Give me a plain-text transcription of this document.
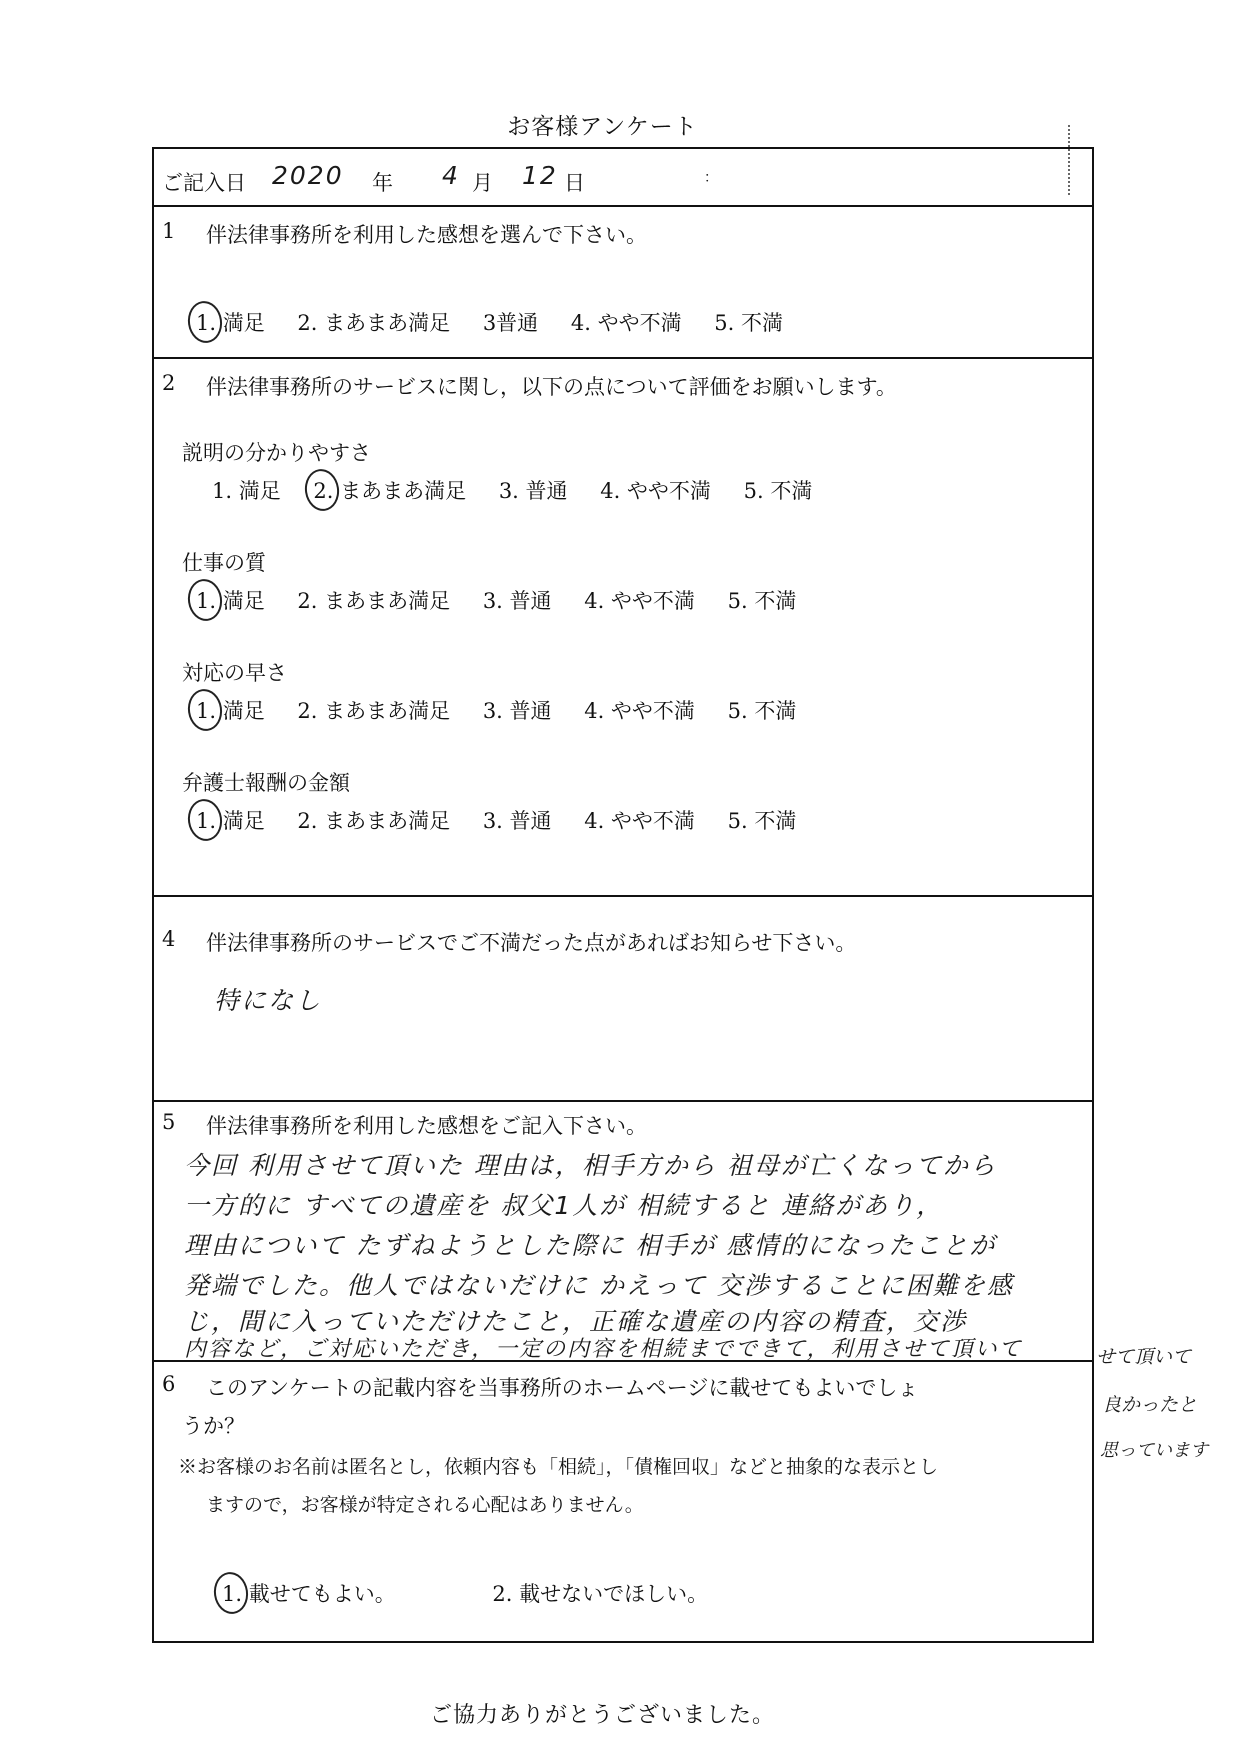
お客様アンケート
ご記入日 2020 年 4 月 12 日	：
1 伴法律事務所を利用した感想を選んで下さい。
1. 満足 2. まあまあ満足 3普通 4. やや不満 5. 不満
2 伴法律事務所のサービスに関し，以下の点について評価をお願いします。
説明の分かりやすさ
1. 満足 2. まあまあ満足 3. 普通 4. やや不満 5. 不満
仕事の質
1. 満足 2. まあまあ満足 3. 普通 4. やや不満 5. 不満
対応の早さ
1. 満足 2. まあまあ満足 3. 普通 4. やや不満 5. 不満
弁護士報酬の金額
1. 満足 2. まあまあ満足 3. 普通 4. やや不満 5. 不満
4 伴法律事務所のサービスでご不満だった点があればお知らせ下さい。
特になし
5 伴法律事務所を利用した感想をご記入下さい。
今回 利用させて頂いた 理由は，相手方から 祖母が亡くなってから
一方的に すべての遺産を 叔父1人が 相続すると 連絡があり，
理由について たずねようとした際に 相手が 感情的になったことが
発端でした。他人ではないだけに かえって 交渉することに困難を感
じ，間に入っていただけたこと，正確な遺産の内容の精査，交渉
内容など，ご対応いただき，一定の内容を相続までできて，利用させて頂いて
6 このアンケートの記載内容を当事務所のホームページに載せてもよいでしょ
うか？
※お客様のお名前は匿名とし，依頼内容も「相続」，「債権回収」などと抽象的な表示とし
ますので，お客様が特定される心配はありません。
1. 載せてもよい。	2. 載せないでほしい。
せて頂いて
良かったと
思っています
ご協力ありがとうございました。
